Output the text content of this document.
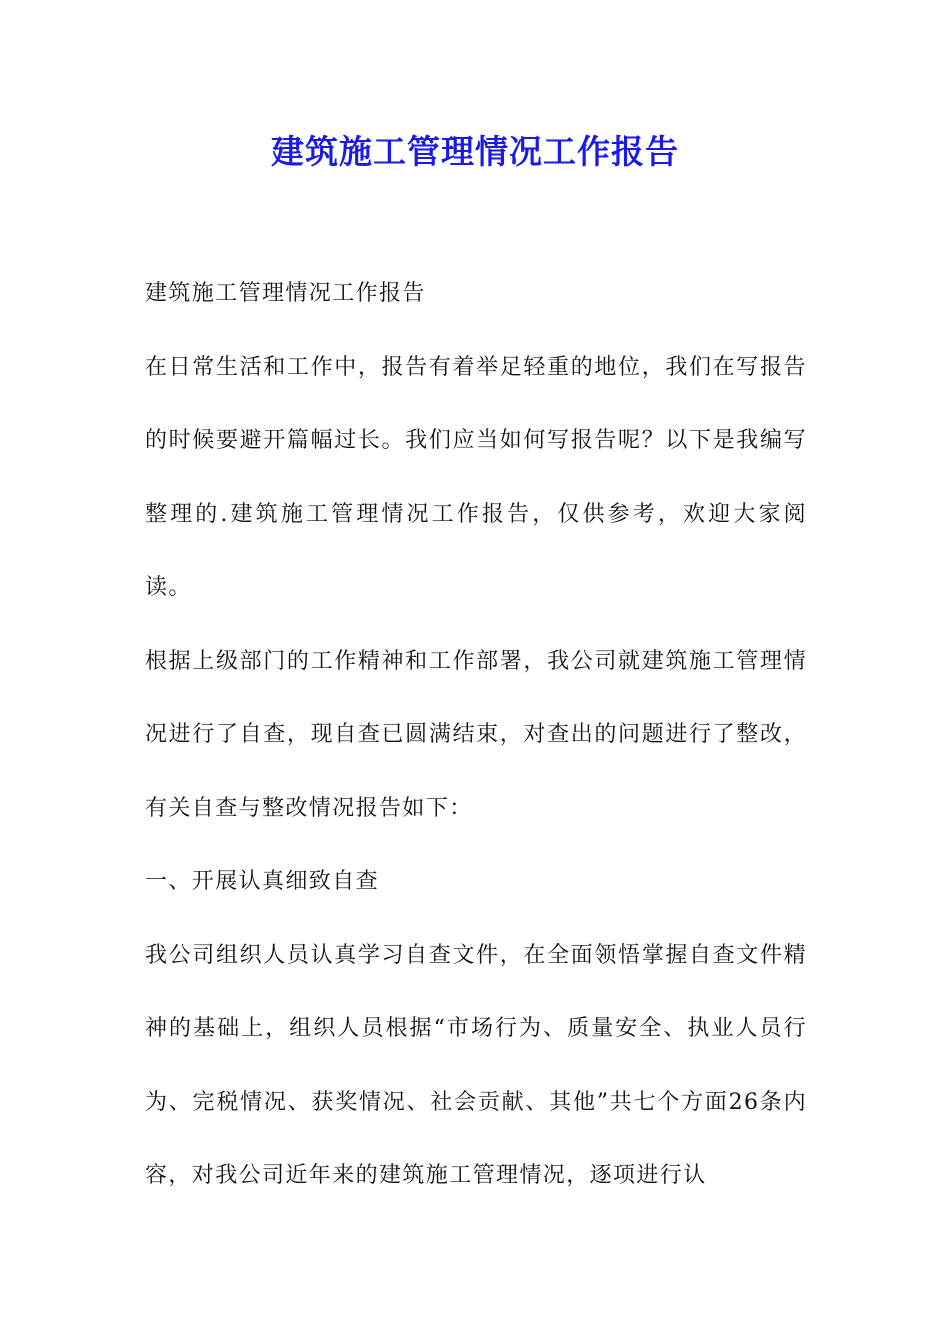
建筑施工管理情况工作报告

建筑施工管理情况工作报告

在日常生活和工作中，报告有着举足轻重的地位，我们在写报告的时候要避开篇幅过长。我们应当如何写报告呢？以下是我编写整理的.建筑施工管理情况工作报告，仅供参考，欢迎大家阅读。

根据上级部门的工作精神和工作部署，我公司就建筑施工管理情况进行了自查，现自查已圆满结束，对查出的问题进行了整改，有关自查与整改情况报告如下：

一、开展认真细致自查

我公司组织人员认真学习自查文件，在全面领悟掌握自查文件精神的基础上，组织人员根据“市场行为、质量安全、执业人员行为、完税情况、获奖情况、社会贡献、其他”共七个方面26条内容，对我公司近年来的建筑施工管理情况，逐项进行认
